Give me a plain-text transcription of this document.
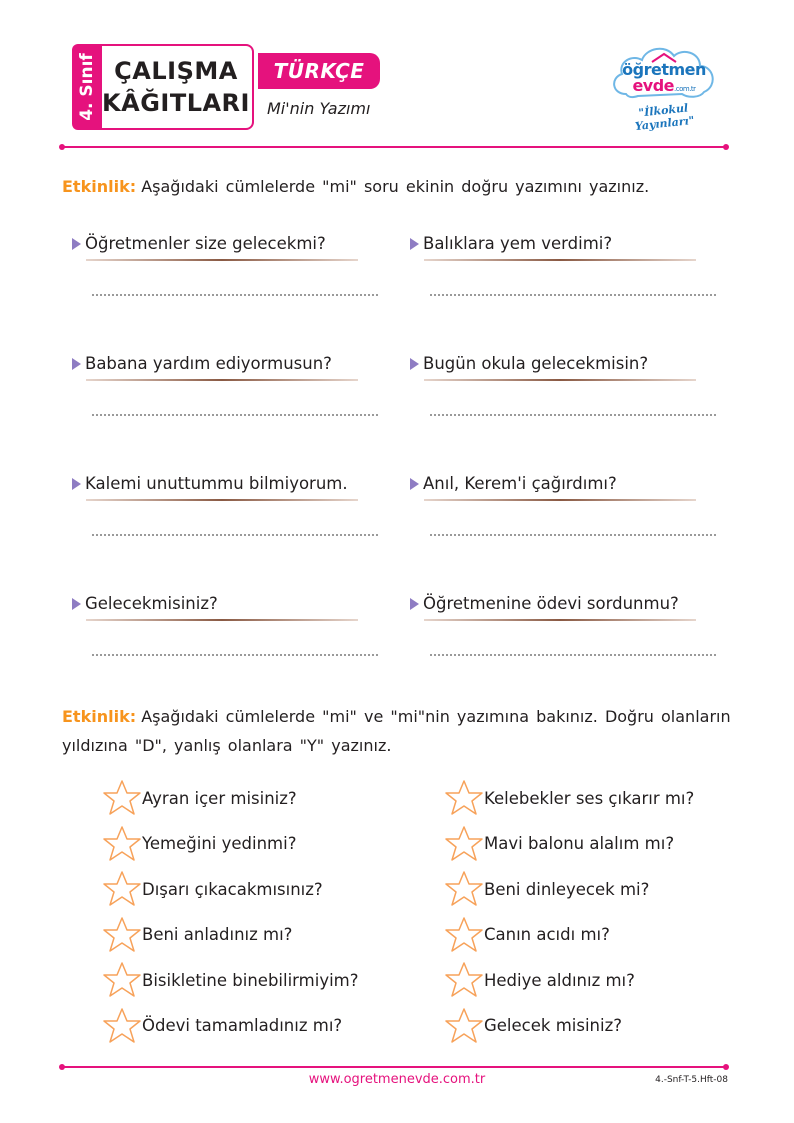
4. Sınıf ÇALIŞMA
KÂĞITLARI
TÜRKÇE
Mi'nin Yazımı
öğretmen
evde.com.tr
"İlkokul Yayınları"
Etkinlik: Aşağıdaki cümlelerde "mi" soru ekinin doğru yazımını yazınız.
Öğretmenler size gelecekmi?	Balıklara yem verdimi?
Babana yardım ediyormusun?	Bugün okula gelecekmisin?
Kalemi unuttummu bilmiyorum.	Anıl, Kerem'i çağırdımı?
Gelecekmisiniz?	Öğretmenine ödevi sordunmu?
Etkinlik: Aşağıdaki cümlelerde "mi" ve "mi"nin yazımına bakınız. Doğru olanların
yıldızına "D", yanlış olanlara "Y" yazınız.
Ayran içer misiniz?
Yemeğini yedinmi?
Dışarı çıkacakmısınız?
Beni anladınız mı?
Bisikletine binebilirmiyim?
Ödevi tamamladınız mı?
Kelebekler ses çıkarır mı?
Mavi balonu alalım mı?
Beni dinleyecek mi?
Canın acıdı mı?
Hediye aldınız mı?
Gelecek misiniz?
www.ogretmenevde.com.tr	4.-Snf-T-5.Hft-08
